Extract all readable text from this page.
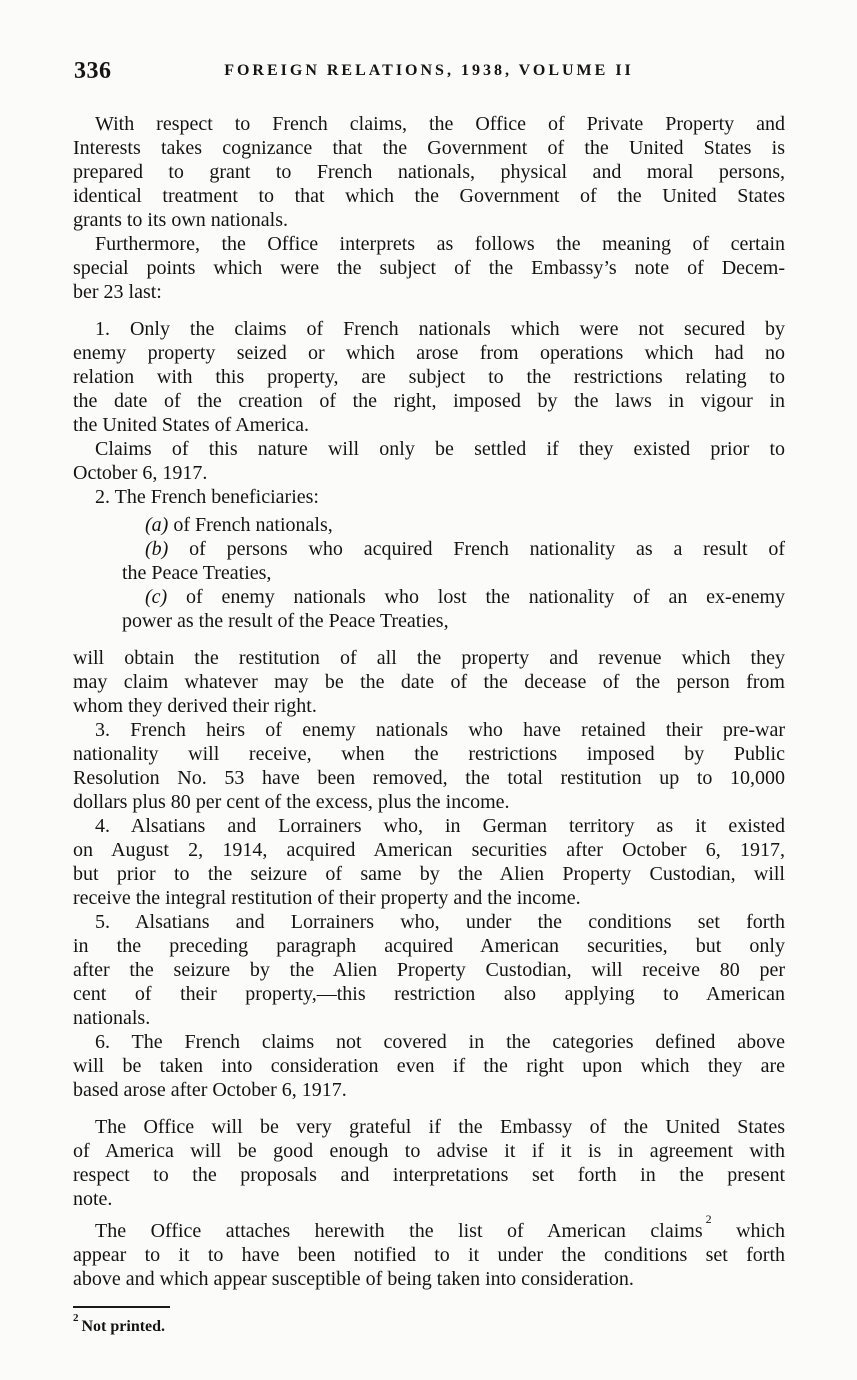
336	FOREIGN RELATIONS, 1938, VOLUME II
With respect to French claims, the Office of Private Property and
Interests takes cognizance that the Government of the United States is
prepared to grant to French nationals, physical and moral persons,
identical treatment to that which the Government of the United States
grants to its own nationals.
Furthermore, the Office interprets as follows the meaning of certain
special points which were the subject of the Embassy’s note of Decem-
ber 23 last:
1. Only the claims of French nationals which were not secured by
enemy property seized or which arose from operations which had no
relation with this property, are subject to the restrictions relating to
the date of the creation of the right, imposed by the laws in vigour in
the United States of America.
Claims of this nature will only be settled if they existed prior to
October 6, 1917.
2. The French beneficiaries:
(a) of French nationals,
(b) of persons who acquired French nationality as a result of
the Peace Treaties,
(c) of enemy nationals who lost the nationality of an ex-enemy
power as the result of the Peace Treaties,
will obtain the restitution of all the property and revenue which they
may claim whatever may be the date of the decease of the person from
whom they derived their right.
3. French heirs of enemy nationals who have retained their pre-war
nationality will receive, when the restrictions imposed by Public
Resolution No. 53 have been removed, the total restitution up to 10,000
dollars plus 80 per cent of the excess, plus the income.
4. Alsatians and Lorrainers who, in German territory as it existed
on August 2, 1914, acquired American securities after October 6, 1917,
but prior to the seizure of same by the Alien Property Custodian, will
receive the integral restitution of their property and the income.
5. Alsatians and Lorrainers who, under the conditions set forth
in the preceding paragraph acquired American securities, but only
after the seizure by the Alien Property Custodian, will receive 80 per
cent of their property,—this restriction also applying to American
nationals.
6. The French claims not covered in the categories defined above
will be taken into consideration even if the right upon which they are
based arose after October 6, 1917.
The Office will be very grateful if the Embassy of the United States
of America will be good enough to advise it if it is in agreement with
respect to the proposals and interpretations set forth in the present
note.
The Office attaches herewith the list of American claims$^2$ which
appear to it to have been notified to it under the conditions set forth
above and which appear susceptible of being taken into consideration.
$^2$Not printed.
